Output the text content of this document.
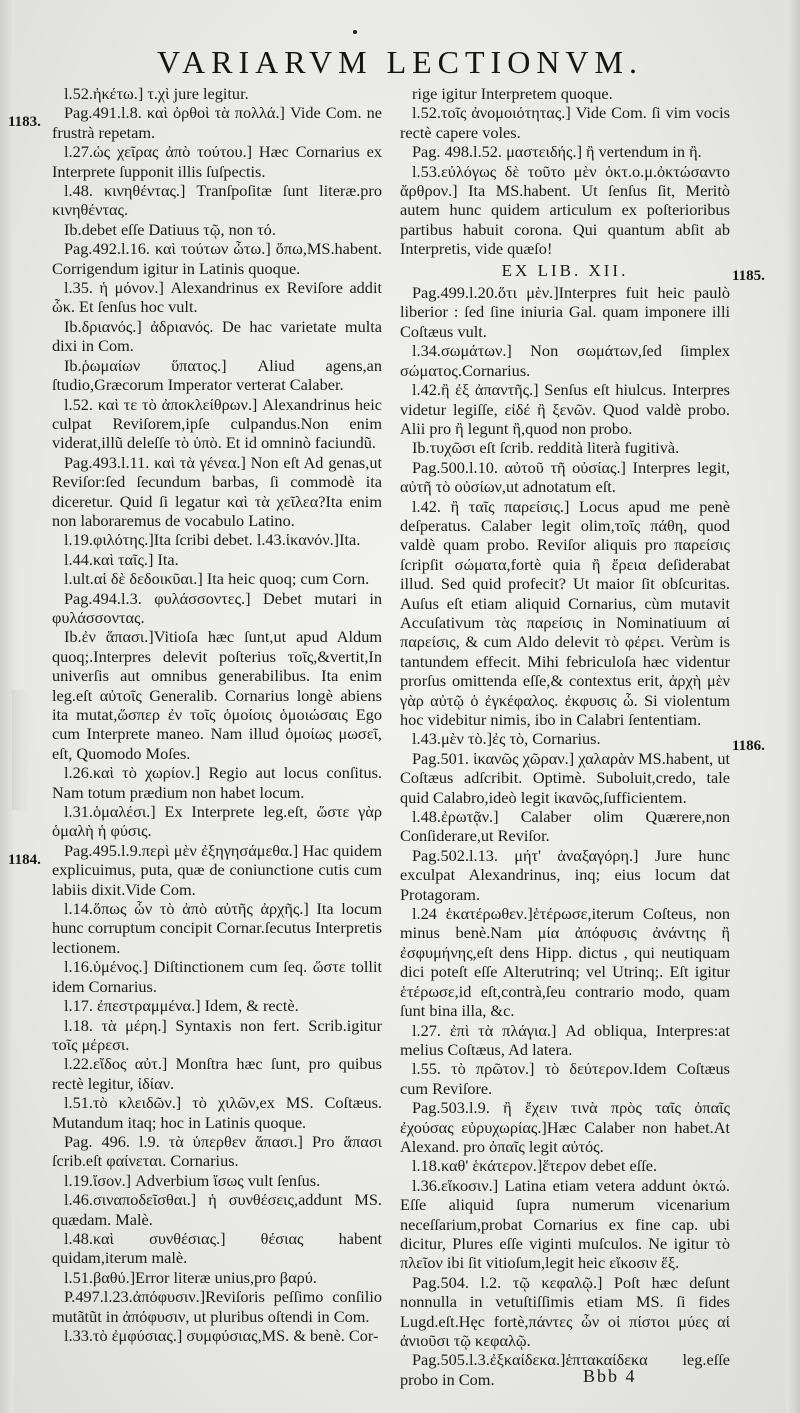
VARIARVM LECTIONVM.
1183.
1184.
1185.
1186.

l.52.ἠκέτω.] τ.χὶ jure legitur.

Pag.491.l.8. καὶ ὀρθοὶ τὰ πολλά.] Vide Com. ne frustrà repetam.

l.27.ὡς χεῖρας ἀπὸ τούτου.] Hæc Cornarius ex Interprete ſupponit illis ſuſpectis.

l.48. κινηθέντας.] Tranſpoſitæ ſunt literæ.pro κινηθέντας.

Ib.debet eſſe Datiuus τῷ, non τό.

Pag.492.l.16. καὶ τούτων ὧτω.] ὅπω,MS.habent. Corrigendum igitur in Latinis quoque.

l.35. ἡ μόνον.] Alexandrinus ex Reviſore addit ὧκ. Et ſenſus hoc vult.

Ib.δριανός.] ἀδριανός. De hac varietate multa dixi in Com.

Ib.ῥωμαίων ὕπατος.] Aliud agens,an ſtudio,Græcorum Imperator verterat Calaber.

l.52. καὶ τε τὸ ἀποκλείθρων.] Alexandrinus heic culpat Reviſorem,ipſe culpandus.Non enim viderat,illũ deleſſe τὸ ὑπὸ. Et id omninò faciundũ.

Pag.493.l.11. καὶ τὰ γένεα.] Non eſt Ad genas,ut Reviſor:ſed ſecundum barbas, ſi commodè ita diceretur. Quid ſi legatur καὶ τὰ χεῖλεα?Ita enim non laboraremus de vocabulo Latino.

l.19.φιλότης.]Ita ſcribi debet. l.43.ἱκανόν.]Ita.

l.44.καὶ ταῖς.] Ita.

l.ult.αἱ δὲ δεδοικῦαι.] Ita heic quoq; cum Corn.

Pag.494.l.3. φυλάσσοντες.] Debet mutari in φυλάσσοντας.

Ib.ἐν ἅπασι.]Vitioſa hæc ſunt,ut apud Aldum quoq;.Interpres delevit poſterius τοῖς,&vertit,In univerſis aut omnibus generabilibus. Ita enim leg.eſt αὐτοῖς Generalib. Cornarius longè abiens ita mutat,ὥσπερ ἐν τοῖς ὁμοίοις ὁμοιώσαις Ego cum Interprete maneo. Nam illud ὁμοίως μωσεῖ, eſt, Quomodo Moſes.

l.26.καὶ τὸ χωρίον.] Regio aut locus conſitus. Nam totum prædium non habet locum.

l.31.ὁμαλέσι.] Ex Interprete leg.eſt, ὥστε γὰρ ὁμαλὴ ἡ φύσις.

Pag.495.l.9.περὶ μὲν ἐξηγησάμεθα.] Hac quidem explicuimus, puta, quæ de coniunctione cutis cum labiis dixit.Vide Com.

l.14.ὅπως ὧν τὸ ἀπὸ αὐτῆς ἀρχῆς.] Ita locum hunc corruptum concipit Cornar.ſecutus Interpretis lectionem.

l.16.ὑμένος.] Diſtinctionem cum ſeq. ὥστε tollit idem Cornarius.

l.17. ἐπεστραμμένα.] Idem, & rectè.

l.18. τὰ μέρη.] Syntaxis non fert. Scrib.igitur τοῖς μέρεσι.

l.22.εἴδος αὐτ.] Monſtra hæc ſunt, pro quibus rectè legitur, ἰδίαν.

l.51.τὸ κλειδῶν.] τὸ χιλῶν,ex MS. Coſtæus. Mutandum itaq; hoc in Latinis quoque.

Pag. 496. l.9. τὰ ὑπερθεν ἅπασι.] Pro ἅπασι ſcrib.eſt φαίνεται. Cornarius.

l.19.ἴσον.] Adverbium ἴσως vult ſenſus.

l.46.σιναποδεῖσθαι.] ἡ συνθέσεις,addunt MS. quædam. Malè.

l.48.καὶ συνθέσιας.] θέσιας habent quidam,iterum malè.

l.51.βαθύ.]Error literæ unius,pro βαρύ.

P.497.l.23.ἀπόφυσιν.]Reviſoris peſſimo conſilio mutãtũt in ἀπόφυσιν, ut pluribus oſtendi in Com.

l.33.τὸ ἐμφύσιας.] συμφύσιας,MS. & benè. Cor-

rige igitur Interpretem quoque.

l.52.τοῖς ἀνομοιότητας.] Vide Com. ſi vim vocis rectè capere voles.

Pag. 498.l.52. μαστειδής.] ἢ vertendum in ἢ.

l.53.εὐλόγως δὲ τοῦτο μὲν ὁκτ.ο.μ.ὀκτώσαντο ἄρθρον.] Ita MS.habent. Ut ſenſus ſit, Meritò autem hunc quidem articulum ex poſterioribus partibus habuit corona. Qui quantum abſit ab Interpretis, vide quæſo!

EX LIB. XII.

Pag.499.l.20.ὅτι μὲν.]Interpres fuit heic paulò liberior : ſed ſine iniuria Gal. quam imponere illi Coſtæus vult.

l.34.σωμάτων.] Non σωμάτων,ſed ſimplex σώματος.Cornarius.

l.42.ἢ ἐξ ἀπαντῆς.] Senſus eſt hiulcus. Interpres videtur legiſſe, εἰδέ ἢ ξενῶν. Quod valdè probo. Alii pro ἢ legunt ἢ,quod non probo.

Ib.τυχῶσι eſt ſcrib. reddità literà fugitivà.

Pag.500.l.10. αὐτοῦ τῆ οὐσίας.] Interpres legit, αὐτῆ τὸ οὐσίων,ut adnotatum eſt.

l.42. ἢ ταῖς παρείσις.] Locus apud me penè deſperatus. Calaber legit olim,τοῖς πάθη, quod valdè quam probo. Reviſor aliquis pro παρείσις ſcripſit σώματα,fortè quia ἢ ἔρεια deſiderabat illud. Sed quid profecit? Ut maior ſit obſcuritas. Auſus eſt etiam aliquid Cornarius, cùm mutavit Accuſativum τὰς παρείσις in Nominatiuum αἱ παρείσις, & cum Aldo delevit τὸ φέρει. Verùm is tantundem effecit. Mihi febriculoſa hæc videntur prorſus omittenda eſſe,& contextus erit, ἀρχὴ μὲν γὰρ αὐτῷ ὁ ἐγκέφαλος. ἐκφυσις ὧ. Si violentum hoc videbitur nimis, ibo in Calabri ſententiam.

l.43.μὲν τὸ.]ἐς τὸ, Cornarius.

Pag.501. ἱκανῶς χῶραν.] χαλαρὰν MS.habent, ut Coſtæus adſcribit. Optimè. Suboluit,credo, tale quid Calabro,ideò legit ἱκανῶς,ſufficientem.

l.48.ἐρωτᾷν.] Calaber olim Quærere,non Conſiderare,ut Reviſor.

Pag.502.l.13. μήτ' ἀναξαγόρη.] Jure hunc exculpat Alexandrinus, inq; eius locum dat Protagoram.

l.24 ἑκατέρωθεν.]ἑτέρωσε,iterum Coſteus, non minus benè.Nam μία ἀπόφυσις ἀνάντης ἢ ἐσφυμήνης,eſt dens Hipp. dictus , qui neutiquam dici poteſt eſſe Alterutrinq; vel Utrinq;. Eſt igitur ἑτέρωσε,id eſt,contrà,ſeu contrario modo, quam ſunt bina illa, &c.

l.27. ἐπὶ τὰ πλάγια.] Ad obliqua, Interpres:at melius Coſtæus, Ad latera.

l.55. τὸ πρῶτον.] τὸ δεύτερον.Idem Coſtæus cum Reviſore.

Pag.503.l.9. ἢ ἔχειν τινὰ πρὸς ταῖς ὀπαῖς ἐχούσας εὐρυχωρίας.]Hæc Calaber non habet.At Alexand. pro ὀπαῖς legit αὐτός.

l.18.καθ' ἑκάτερον.]ἕτερον debet eſſe.

l.36.εἴκοσιν.] Latina etiam vetera addunt ὀκτώ. Eſſe aliquid ſupra numerum vicenarium neceſſarium,probat Cornarius ex fine cap. ubi dicitur, Plures eſſe viginti muſculos. Ne igitur τὸ πλεῖον ibi ſit vitioſum,legit heic εἴκοσιν ἕξ.

Pag.504. l.2. τῷ κεφαλῷ.] Poſt hæc deſunt nonnulla in vetuſtiſſimis etiam MS. ſi fides Lugd.eſt.Hęc fortè,πάντες ὧν οἱ πίστοι μύες αἱ ἀνιοῦσι τῷ κεφαλῷ.

Pag.505.l.3.ἐξκαίδεκα.]ἑπτακαίδεκα leg.eſſe probo in Com.	Bbb 4
